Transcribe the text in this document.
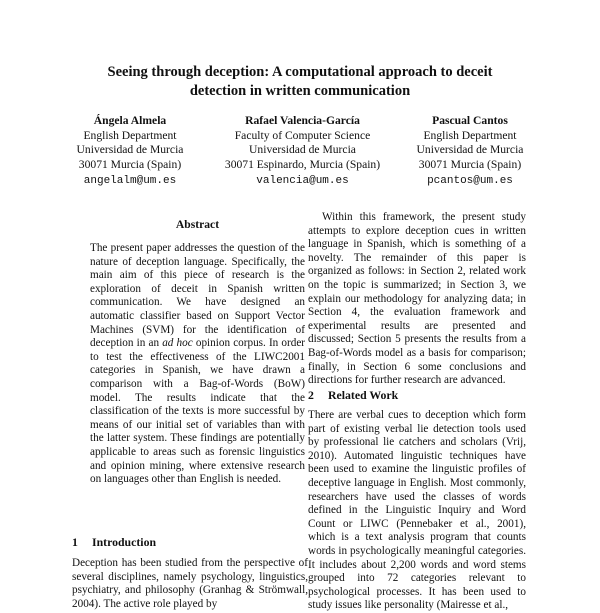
Seeing through deception: A computational approach to deceit
detection in written communication
Ángela Almela
English Department
Universidad de Murcia
30071 Murcia (Spain)
angelalm@um.es
Rafael Valencia-García
Faculty of Computer Science
Universidad de Murcia
30071 Espinardo, Murcia (Spain)
valencia@um.es
Pascual Cantos
English Department
Universidad de Murcia
30071 Murcia (Spain)
pcantos@um.es
Abstract

The present paper addresses the question of the nature of deception language. Specifically, the main aim of this piece of research is the exploration of deceit in Spanish written communication. We have designed an automatic classifier based on Support Vector Machines (SVM) for the identification of deception in an ad hoc opinion corpus. In order to test the effectiveness of the LIWC2001 categories in Spanish, we have drawn a comparison with a Bag-of-Words (BoW) model. The results indicate that the classification of the texts is more successful by means of our initial set of variables than with the latter system. These findings are potentially applicable to areas such as forensic linguistics and opinion mining, where extensive research on languages other than English is needed.

1 Introduction

Deception has been studied from the perspective of several disciplines, namely psychology, linguistics, psychiatry, and philosophy (Granhag & Strömwall, 2004). The active role played by

Within this framework, the present study attempts to explore deception cues in written language in Spanish, which is something of a novelty. The remainder of this paper is organized as follows: in Section 2, related work on the topic is summarized; in Section 3, we explain our methodology for analyzing data; in Section 4, the evaluation framework and experimental results are presented and discussed; Section 5 presents the results from a Bag-of-Words model as a basis for comparison; finally, in Section 6 some conclusions and directions for further research are advanced.

2 Related Work

There are verbal cues to deception which form part of existing verbal lie detection tools used by professional lie catchers and scholars (Vrij, 2010). Automated linguistic techniques have been used to examine the linguistic profiles of deceptive language in English. Most commonly, researchers have used the classes of words defined in the Linguistic Inquiry and Word Count or LIWC (Pennebaker et al., 2001), which is a text analysis program that counts words in psychologically meaningful categories. It includes about 2,200 words and word stems grouped into 72 categories relevant to psychological processes. It has been used to study issues like personality (Mairesse et al.,
